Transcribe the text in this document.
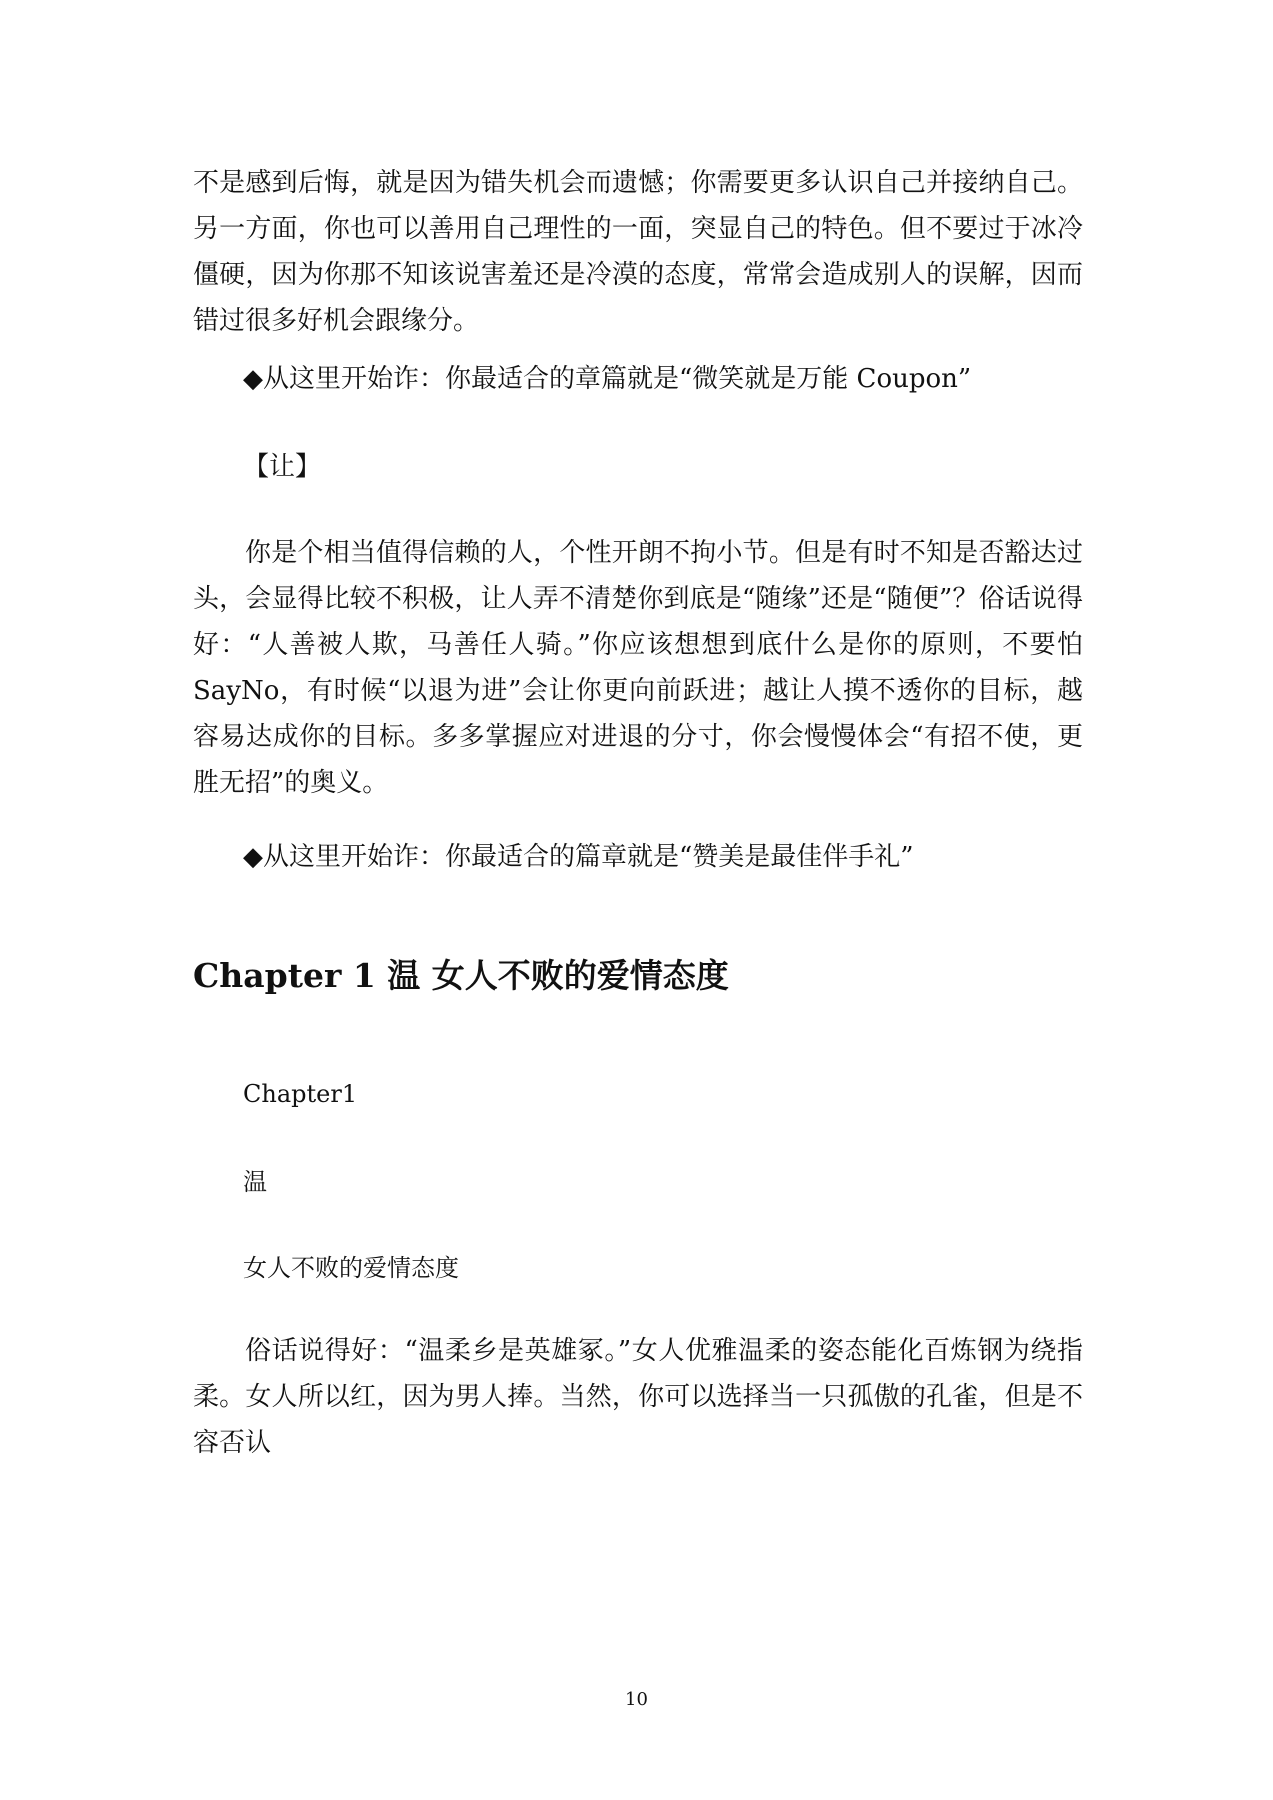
不是感到后悔，就是因为错失机会而遗憾；你需要更多认识自己并接纳自己。另一方面，你也可以善用自己理性的一面，突显自己的特色。但不要过于冰冷僵硬，因为你那不知该说害羞还是冷漠的态度，常常会造成别人的误解，因而错过很多好机会跟缘分。

◆从这里开始诈：你最适合的章篇就是“微笑就是万能 Coupon”

【让】

你是个相当值得信赖的人，个性开朗不拘小节。但是有时不知是否豁达过头，会显得比较不积极，让人弄不清楚你到底是“随缘”还是“随便”？俗话说得好：“人善被人欺，马善任人骑。”你应该想想到底什么是你的原则，不要怕 SayNo，有时候“以退为进”会让你更向前跃进；越让人摸不透你的目标，越容易达成你的目标。多多掌握应对进退的分寸，你会慢慢体会“有招不使，更胜无招”的奥义。

◆从这里开始诈：你最适合的篇章就是“赞美是最佳伴手礼”

Chapter 1 温 女人不败的爱情态度

Chapter1

温

女人不败的爱情态度

俗话说得好：“温柔乡是英雄冢。”女人优雅温柔的姿态能化百炼钢为绕指柔。女人所以红，因为男人捧。当然，你可以选择当一只孤傲的孔雀，但是不容否认

10
